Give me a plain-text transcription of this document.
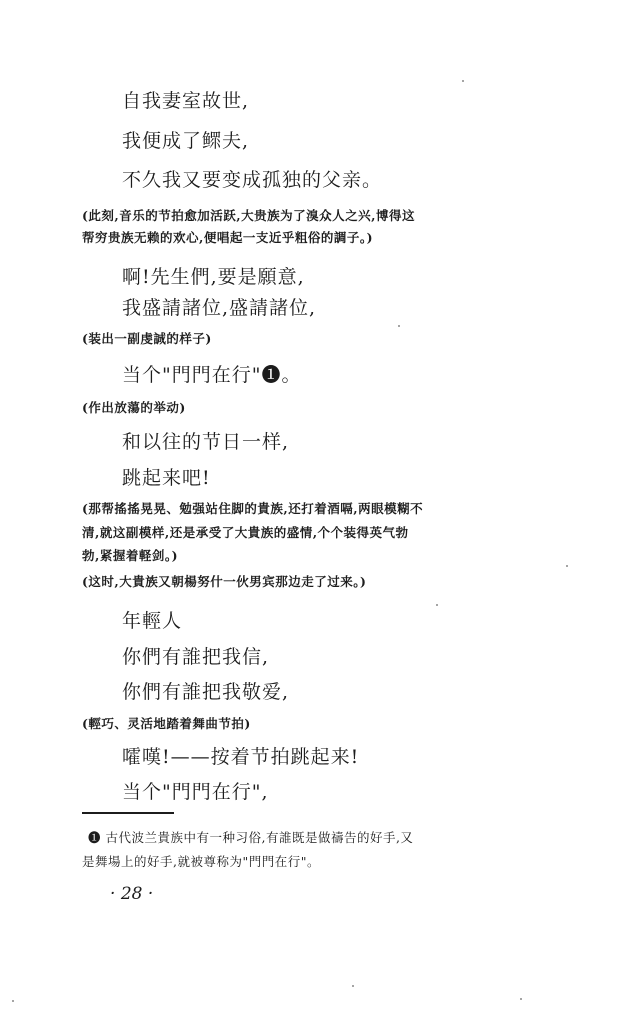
自我妻室故世,

我便成了鳏夫,

不久我又要变成孤独的父亲。

(此刻,音乐的节拍愈加活跃,大贵族为了溴众人之兴,博得这

帮穷贵族无赖的欢心,便唱起一支近乎粗俗的調子。)

啊!先生們,要是願意,

我盛請諸位,盛請諸位,

(装出一副虔誠的样子)

当个"門門在行"❶。

(作出放蕩的举动)

和以往的节日一样,

跳起来吧!

(那帮搖搖晃晃、勉强站住脚的貴族,还打着酒嗝,两眼模糊不

清,就这副模样,还是承受了大貴族的盛情,个个装得英气勃

勃,紧握着軽剑。)

(这时,大貴族又朝楊努什一伙男宾那边走了过来。)

年輕人

你們有誰把我信,

你們有誰把我敬爱,

(輕巧、灵活地踏着舞曲节拍)

嚯嘆!——按着节拍跳起来!

当个"門門在行",

❶ 古代波兰貴族中有一种习俗,有誰既是做禱告的好手,又

是舞場上的好手,就被尊称为"門門在行"。

· 28 ·
